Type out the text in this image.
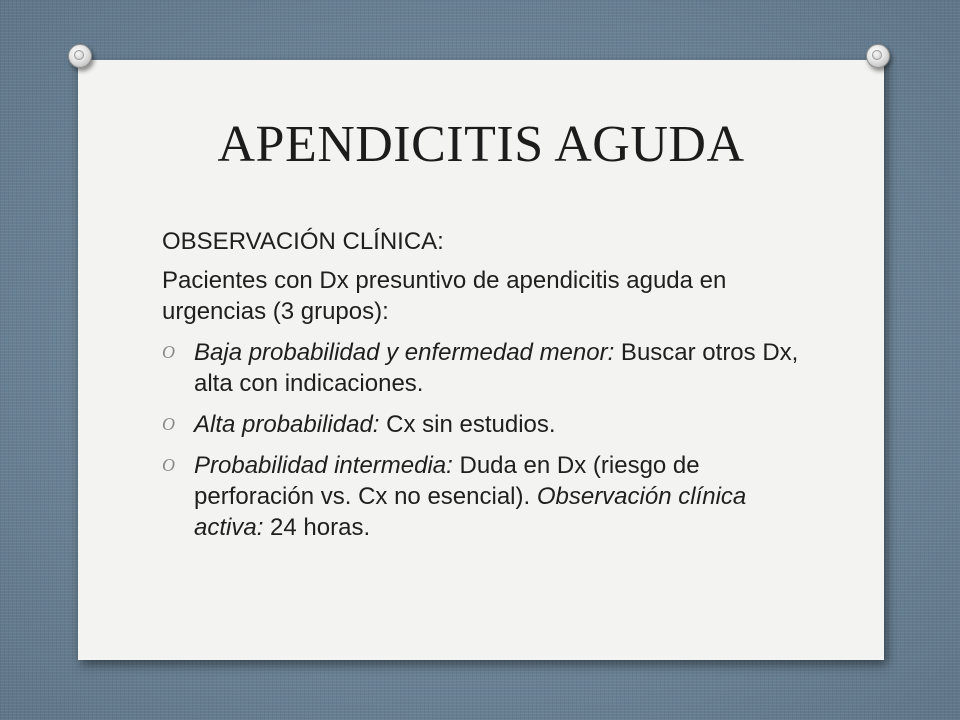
APENDICITIS AGUDA
OBSERVACIÓN CLÍNICA:
Pacientes con Dx presuntivo de apendicitis aguda en urgencias (3 grupos):
O Baja probabilidad y enfermedad menor: Buscar otros Dx, alta con indicaciones.
O Alta probabilidad: Cx sin estudios.
O Probabilidad intermedia: Duda en Dx (riesgo de perforación vs. Cx no esencial). Observación clínica activa: 24 horas.
